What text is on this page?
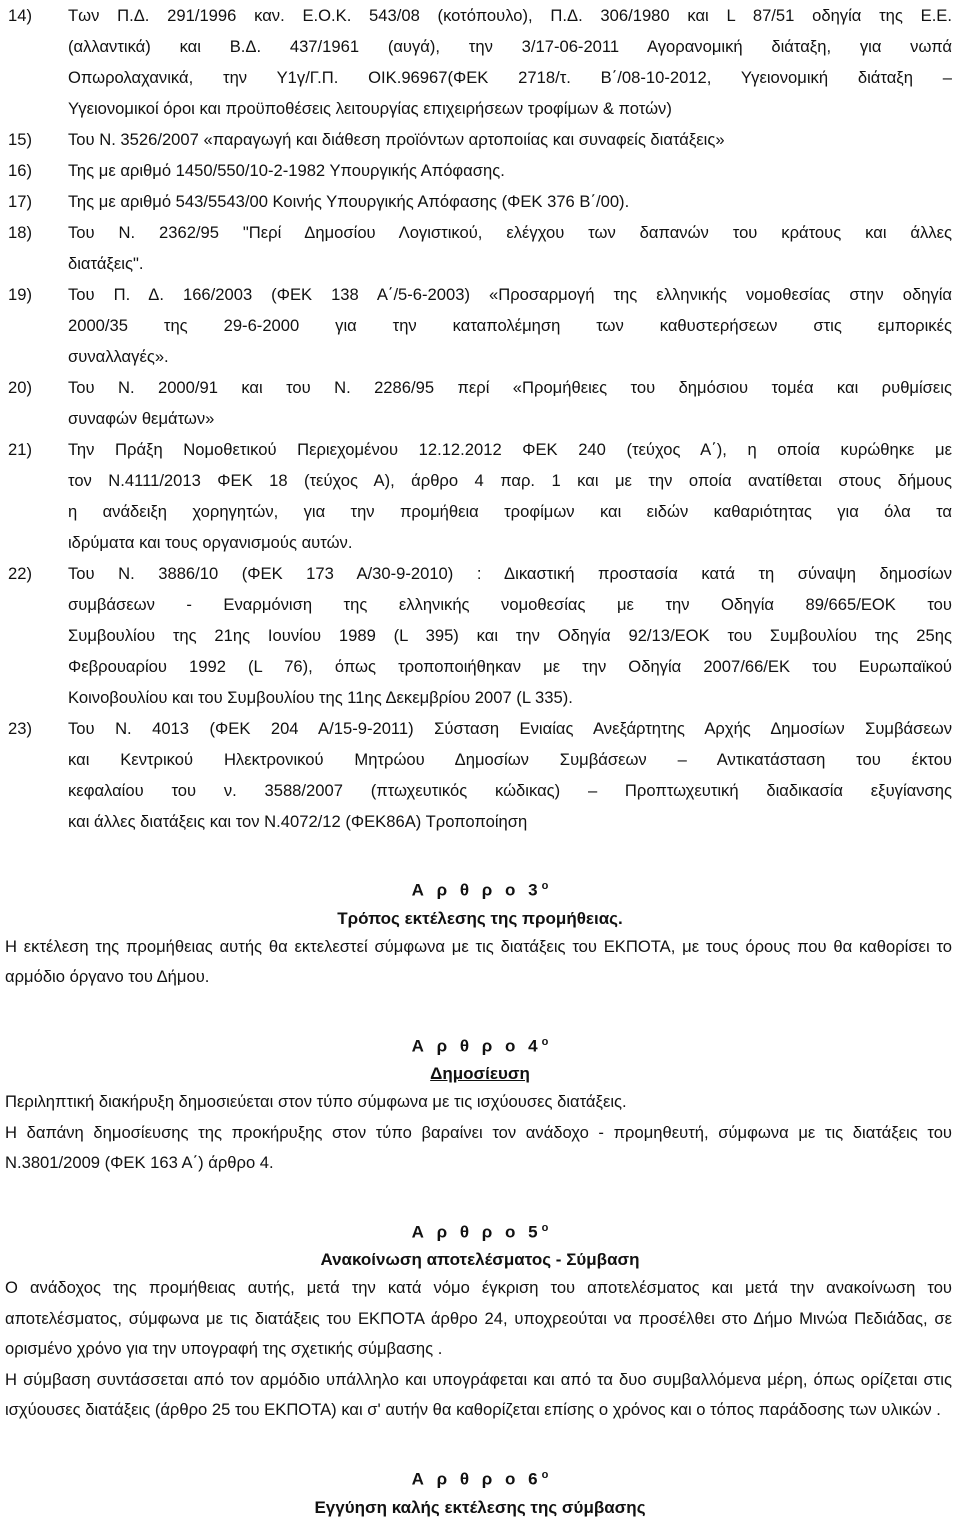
14) Των Π.Δ. 291/1996 καν. Ε.Ο.Κ. 543/08 (κοτόπουλο), Π.Δ. 306/1980 και L 87/51 οδηγία της Ε.Ε.

(αλλαντικά) και Β.Δ. 437/1961 (αυγά), την 3/17-06-2011 Αγορανομική διάταξη, για νωπά

Οπωρολαχανικά, την Υ1γ/Γ.Π. ΟΙΚ.96967(ΦΕΚ 2718/τ. Β΄/08-10-2012, Υγειονομική διάταξη –

Υγειονομικοί όροι και προϋποθέσεις λειτουργίας επιχειρήσεων τροφίμων & ποτών)

15) Του Ν. 3526/2007 «παραγωγή και διάθεση προϊόντων αρτοποιίας και συναφείς διατάξεις»

16) Της με αριθμό 1450/550/10-2-1982 Υπουργικής Απόφασης.

17) Της με αριθμό 543/5543/00 Κοινής Υπουργικής Απόφασης (ΦΕΚ 376 Β΄/00).

18) Του Ν. 2362/95 "Περί Δημοσίου Λογιστικού, ελέγχου των δαπανών του κράτους και άλλες

διατάξεις".

19) Του Π. Δ. 166/2003 (ΦΕΚ 138 Α΄/5-6-2003) «Προσαρμογή της ελληνικής νομοθεσίας στην οδηγία

2000/35 της 29-6-2000 για την καταπολέμηση των καθυστερήσεων στις εμπορικές

συναλλαγές».

20) Του Ν. 2000/91 και του Ν. 2286/95 περί «Προμήθειες του δημόσιου τομέα και ρυθμίσεις

συναφών θεμάτων»

21) Την Πράξη Νομοθετικού Περιεχομένου 12.12.2012 ΦΕΚ 240 (τεύχος Α΄), η οποία κυρώθηκε με

τον Ν.4111/2013 ΦΕΚ 18 (τεύχος Α), άρθρο 4 παρ. 1 και με την οποία ανατίθεται στους δήμους

η ανάδειξη χορηγητών, για την προμήθεια τροφίμων και ειδών καθαριότητας για όλα τα

ιδρύματα και τους οργανισμούς αυτών.

22) Του Ν. 3886/10 (ΦΕΚ 173 Α/30-9-2010) : Δικαστική προστασία κατά τη σύναψη δημοσίων

συμβάσεων - Εναρμόνιση της ελληνικής νομοθεσίας με την Οδηγία 89/665/ΕΟΚ του

Συμβουλίου της 21ης Ιουνίου 1989 (L 395) και την Οδηγία 92/13/ΕΟΚ του Συμβουλίου της 25ης

Φεβρουαρίου 1992 (L 76), όπως τροποποιήθηκαν με την Οδηγία 2007/66/ΕΚ του Ευρωπαϊκού

Κοινοβουλίου και του Συμβουλίου της 11ης Δεκεμβρίου 2007 (L 335).

23) Του Ν. 4013 (ΦΕΚ 204 Α/15-9-2011) Σύσταση Ενιαίας Ανεξάρτητης Αρχής Δημοσίων Συμβάσεων

και Κεντρικού Ηλεκτρονικού Μητρώου Δημοσίων Συμβάσεων – Αντικατάσταση του έκτου

κεφαλαίου του ν. 3588/2007 (πτωχευτικός κώδικας) – Προπτωχευτική διαδικασία εξυγίανσης

και άλλες διατάξεις και τον Ν.4072/12 (ΦΕΚ86Α) Τροποποίηση

Α ρ θ ρ ο $3^o$
Τρόπος εκτέλεσης της προμήθειας.

Η εκτέλεση της προμήθειας αυτής θα εκτελεστεί σύμφωνα με τις διατάξεις του ΕΚΠΟΤΑ, με τους όρους που θα καθορίσει το αρμόδιο όργανο του Δήμου.

Α ρ θ ρ ο $4^o$
Δημοσίευση

Περιληπτική διακήρυξη δημοσιεύεται στον τύπο σύμφωνα με τις ισχύουσες διατάξεις.

Η δαπάνη δημοσίευσης της προκήρυξης στον τύπο βαραίνει τον ανάδοχο - προμηθευτή, σύμφωνα με τις διατάξεις του Ν.3801/2009 (ΦΕΚ 163 Α΄) άρθρο 4.

Α ρ θ ρ ο $5^o$
Ανακοίνωση αποτελέσματος - Σύμβαση

Ο ανάδοχος της προμήθειας αυτής, μετά την κατά νόμο έγκριση του αποτελέσματος και μετά την ανακοίνωση του αποτελέσματος, σύμφωνα με τις διατάξεις του ΕΚΠΟΤΑ άρθρο 24, υποχρεούται να προσέλθει στο Δήμο Μινώα Πεδιάδας, σε ορισμένο χρόνο για την υπογραφή της σχετικής σύμβασης .

Η σύμβαση συντάσσεται από τον αρμόδιο υπάλληλο και υπογράφεται και από τα δυο συμβαλλόμενα μέρη, όπως ορίζεται στις ισχύουσες διατάξεις (άρθρο 25 του ΕΚΠΟΤΑ) και σ' αυτήν θα καθορίζεται επίσης ο χρόνος και ο τόπος παράδοσης των υλικών .

Α ρ θ ρ ο $6^o$
Εγγύηση καλής εκτέλεσης της σύμβασης
